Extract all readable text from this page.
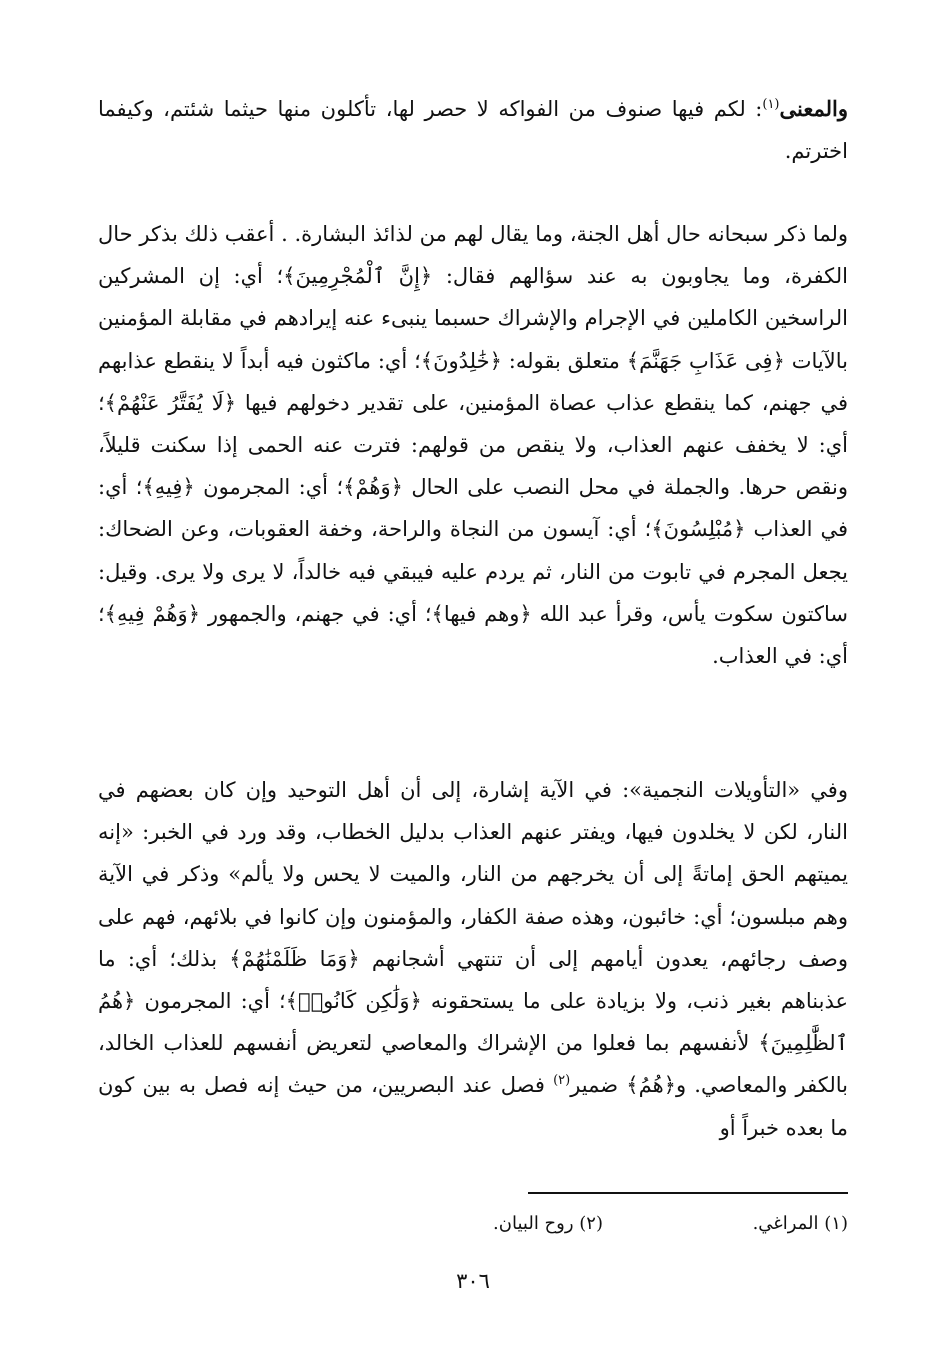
والمعنى$^{(١)}$: لكم فيها صنوف من الفواكه لا حصر لها، تأكلون منها حيثما شئتم، وكيفما اخترتم.

ولما ذكر سبحانه حال أهل الجنة، وما يقال لهم من لذائذ البشارة. . أعقب ذلك بذكر حال الكفرة، وما يجاوبون به عند سؤالهم فقال: ﴿إِنَّ ٱلْمُجْرِمِينَ﴾؛ أي: إن المشركين الراسخين الكاملين في الإجرام والإشراك حسبما ينبىء عنه إيرادهم في مقابلة المؤمنين بالآيات ﴿فِى عَذَابِ جَهَنَّمَ﴾ متعلق بقوله: ﴿خَٰلِدُونَ﴾؛ أي: ماكثون فيه أبداً لا ينقطع عذابهم في جهنم، كما ينقطع عذاب عصاة المؤمنين، على تقدير دخولهم فيها ﴿لَا يُفَتَّرُ عَنْهُمْ﴾؛ أي: لا يخفف عنهم العذاب، ولا ينقص من قولهم: فترت عنه الحمى إذا سكنت قليلاً، ونقص حرها. والجملة في محل النصب على الحال ﴿وَهُمْ﴾؛ أي: المجرمون ﴿فِيهِ﴾؛ أي: في العذاب ﴿مُبْلِسُونَ﴾؛ أي: آيسون من النجاة والراحة، وخفة العقوبات، وعن الضحاك: يجعل المجرم في تابوت من النار، ثم يردم عليه فيبقي فيه خالداً، لا يرى ولا يرى. وقيل: ساكتون سكوت يأس، وقرأ عبد الله ﴿وهم فيها﴾؛ أي: في جهنم، والجمهور ﴿وَهُمْ فِيهِ﴾؛ أي: في العذاب.

وفي «التأويلات النجمية»: في الآية إشارة، إلى أن أهل التوحيد وإن كان بعضهم في النار، لكن لا يخلدون فيها، ويفتر عنهم العذاب بدليل الخطاب، وقد ورد في الخبر: «إنه يميتهم الحق إماتةً إلى أن يخرجهم من النار، والميت لا يحس ولا يألم» وذكر في الآية وهم مبلسون؛ أي: خائبون، وهذه صفة الكفار، والمؤمنون وإن كانوا في بلائهم، فهم على وصف رجائهم، يعدون أيامهم إلى أن تنتهي أشجانهم ﴿وَمَا ظَلَمْنَٰهُمْ﴾ بذلك؛ أي: ما عذبناهم بغير ذنب، ولا بزيادة على ما يستحقونه ﴿وَلَٰكِن كَانُوا۟﴾؛ أي: المجرمون ﴿هُمُ ٱلظَّٰلِمِينَ﴾ لأنفسهم بما فعلوا من الإشراك والمعاصي لتعريض أنفسهم للعذاب الخالد، بالكفر والمعاصي. و﴿هُمُ﴾ ضمير$^{(٢)}$ فصل عند البصريين، من حيث إنه فصل به بين كون ما بعده خبراً أو

(١) المراغي.
(٢) روح البيان.
٣٠٦
